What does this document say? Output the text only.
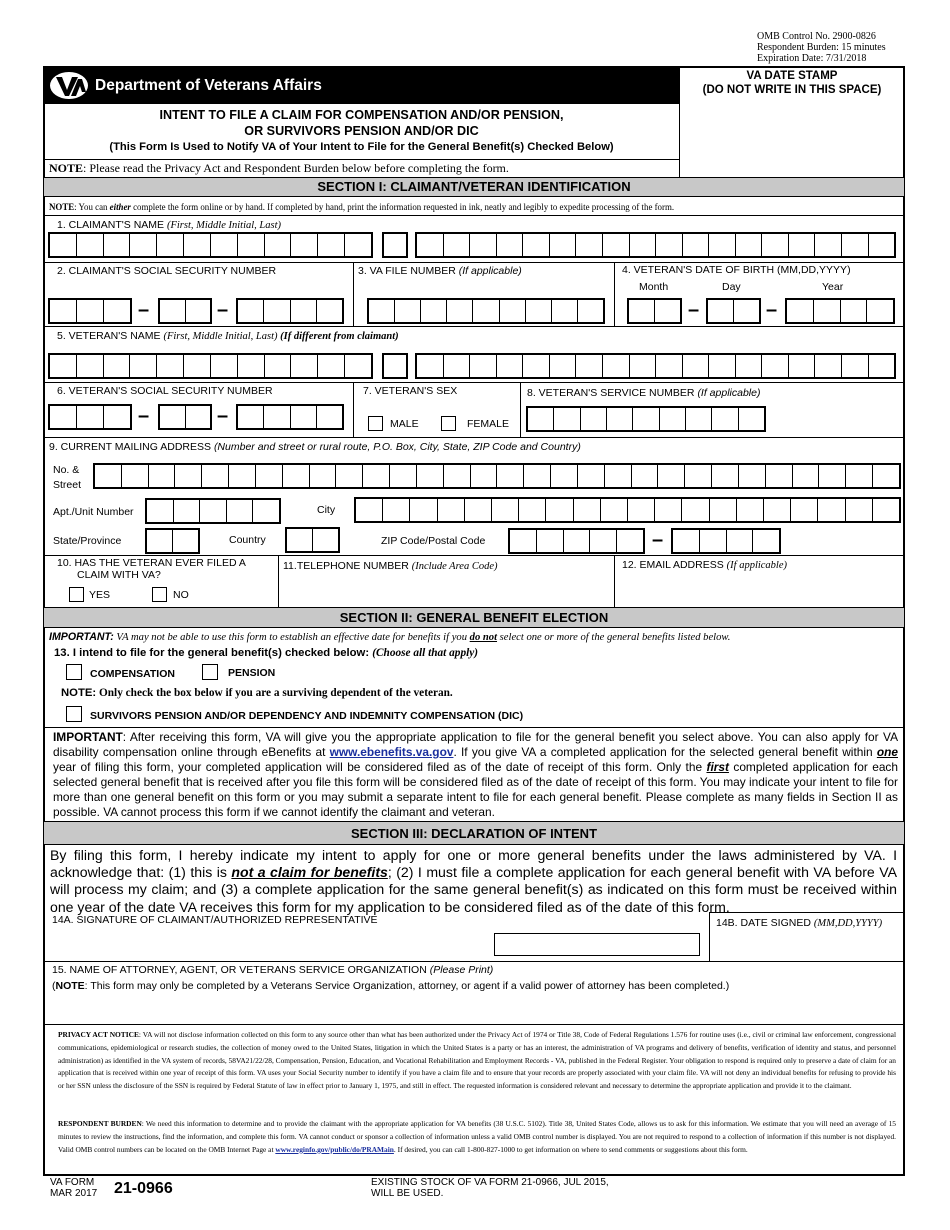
OMB Control No. 2900-0826
Respondent Burden: 15 minutes
Expiration Date: 7/31/2018
Department of Veterans Affairs
INTENT TO FILE A CLAIM FOR COMPENSATION AND/OR PENSION,
OR SURVIVORS PENSION AND/OR DIC
(This Form Is Used to Notify VA of Your Intent to File for the General Benefit(s) Checked Below)
VA DATE STAMP
(DO NOT WRITE IN THIS SPACE)
NOTE: Please read the Privacy Act and Respondent Burden below before completing the form.
SECTION I: CLAIMANT/VETERAN IDENTIFICATION
NOTE: You can either complete the form online or by hand. If completed by hand, print the information requested in ink, neatly and legibly to expedite processing of the form.
1. CLAIMANT'S NAME (First, Middle Initial, Last)
2. CLAIMANT'S SOCIAL SECURITY NUMBER
–	–
3. VA FILE NUMBER (If applicable)	4. VETERAN'S DATE OF BIRTH (MM,DD,YYYY)
Month	Day	Year
–	–
5. VETERAN'S NAME (First, Middle Initial, Last) (If different from claimant)
6. VETERAN'S SOCIAL SECURITY NUMBER
–	–
7. VETERAN'S SEX
MALE	FEMALE
8. VETERAN'S SERVICE NUMBER (If applicable)
9. CURRENT MAILING ADDRESS (Number and street or rural route, P.O. Box, City, State, ZIP Code and Country)
No. &
Street
Apt./Unit Number	City
State/Province	Country	ZIP Code/Postal Code	–
10. HAS THE VETERAN EVER FILED A
CLAIM WITH VA?
YES	NO
11.TELEPHONE NUMBER (Include Area Code)	12. EMAIL ADDRESS (If applicable)
SECTION II: GENERAL BENEFIT ELECTION
IMPORTANT: VA may not be able to use this form to establish an effective date for benefits if you do not select one or more of the general benefits listed below.
13. I intend to file for the general benefit(s) checked below: (Choose all that apply)
COMPENSATION	PENSION
NOTE: Only check the box below if you are a surviving dependent of the veteran.
SURVIVORS PENSION AND/OR DEPENDENCY AND INDEMNITY COMPENSATION (DIC)
IMPORTANT: After receiving this form, VA will give you the appropriate application to file for the general benefit you select above. You can also apply for VA disability compensation online through eBenefits at www.ebenefits.va.gov. If you give VA a completed application for the selected general benefit within one year of filing this form, your completed application will be considered filed as of the date of receipt of this form. Only the first completed application for each selected general benefit that is received after you file this form will be considered filed as of the date of receipt of this form. You may indicate your intent to file for more than one general benefit on this form or you may submit a separate intent to file for each general benefit. Please complete as many fields in Section II as possible. VA cannot process this form if we cannot identify the claimant and veteran.
SECTION III: DECLARATION OF INTENT
By filing this form, I hereby indicate my intent to apply for one or more general benefits under the laws administered by VA. I acknowledge that: (1) this is not a claim for benefits; (2) I must file a complete application for each general benefit with VA before VA will process my claim; and (3) a complete application for the same general benefit(s) as indicated on this form must be received within one year of the date VA receives this form for my application to be considered filed as of the date of this form.
14A. SIGNATURE OF CLAIMANT/AUTHORIZED REPRESENTATIVE	14B. DATE SIGNED (MM,DD,YYYY)
15. NAME OF ATTORNEY, AGENT, OR VETERANS SERVICE ORGANIZATION (Please Print)
(NOTE: This form may only be completed by a Veterans Service Organization, attorney, or agent if a valid power of attorney has been completed.)
PRIVACY ACT NOTICE: VA will not disclose information collected on this form to any source other than what has been authorized under the Privacy Act of 1974 or Title 38, Code of Federal Regulations 1.576 for routine uses (i.e., civil or criminal law enforcement, congressional communications, epidemiological or research studies, the collection of money owed to the United States, litigation in which the United States is a party or has an interest, the administration of VA programs and delivery of benefits, verification of identity and status, and personnel administration) as identified in the VA system of records, 58VA21/22/28, Compensation, Pension, Education, and Vocational Rehabilitation and Employment Records - VA, published in the Federal Register. Your obligation to respond is required only to preserve a date of claim for an application that is received within one year of receipt of this form. VA uses your Social Security number to identify if you have a claim file and to ensure that your records are properly associated with your claim file. VA will not deny an individual benefits for refusing to provide his or her SSN unless the disclosure of the SSN is required by Federal Statute of law in effect prior to January 1, 1975, and still in effect. The requested information is considered relevant and necessary to determine the appropriate application and provide it to the claimant.
RESPONDENT BURDEN: We need this information to determine and to provide the claimant with the appropriate application for VA benefits (38 U.S.C. 5102). Title 38, United States Code, allows us to ask for this information. We estimate that you will need an average of 15 minutes to review the instructions, find the information, and complete this form. VA cannot conduct or sponsor a collection of information unless a valid OMB control number is displayed. You are not required to respond to a collection of information if this number is not displayed. Valid OMB control numbers can be located on the OMB Internet Page at www.reginfo.gov/public/do/PRAMain. If desired, you can call 1-800-827-1000 to get information on where to send comments or suggestions about this form.
VA FORM
MAR 2017 21-0966	EXISTING STOCK OF VA FORM 21-0966, JUL 2015,
WILL BE USED.
